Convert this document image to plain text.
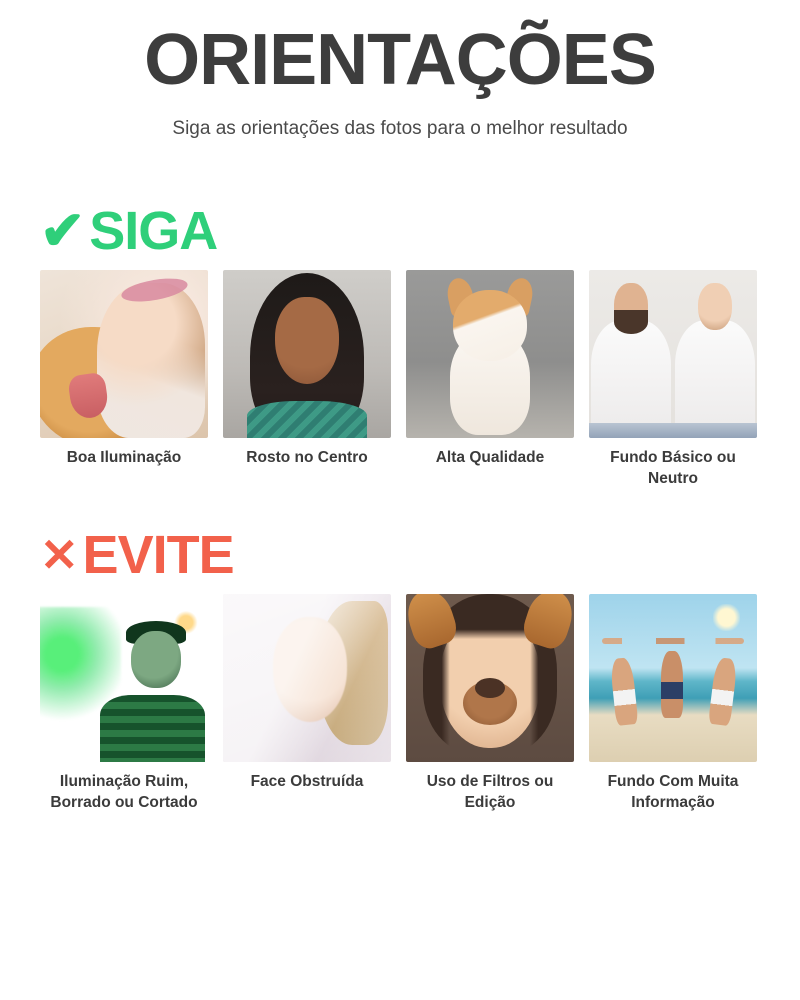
ORIENTAÇÕES
Siga as orientações das fotos para o melhor resultado
✔ SIGA
Boa Iluminação	Rosto no Centro	Alta Qualidade	Fundo Básico ou Neutro
✕ EVITE
Iluminação Ruim, Borrado ou Cortado
Face Obstruída	Uso de Filtros ou Edição
Fundo Com Muita Informação
